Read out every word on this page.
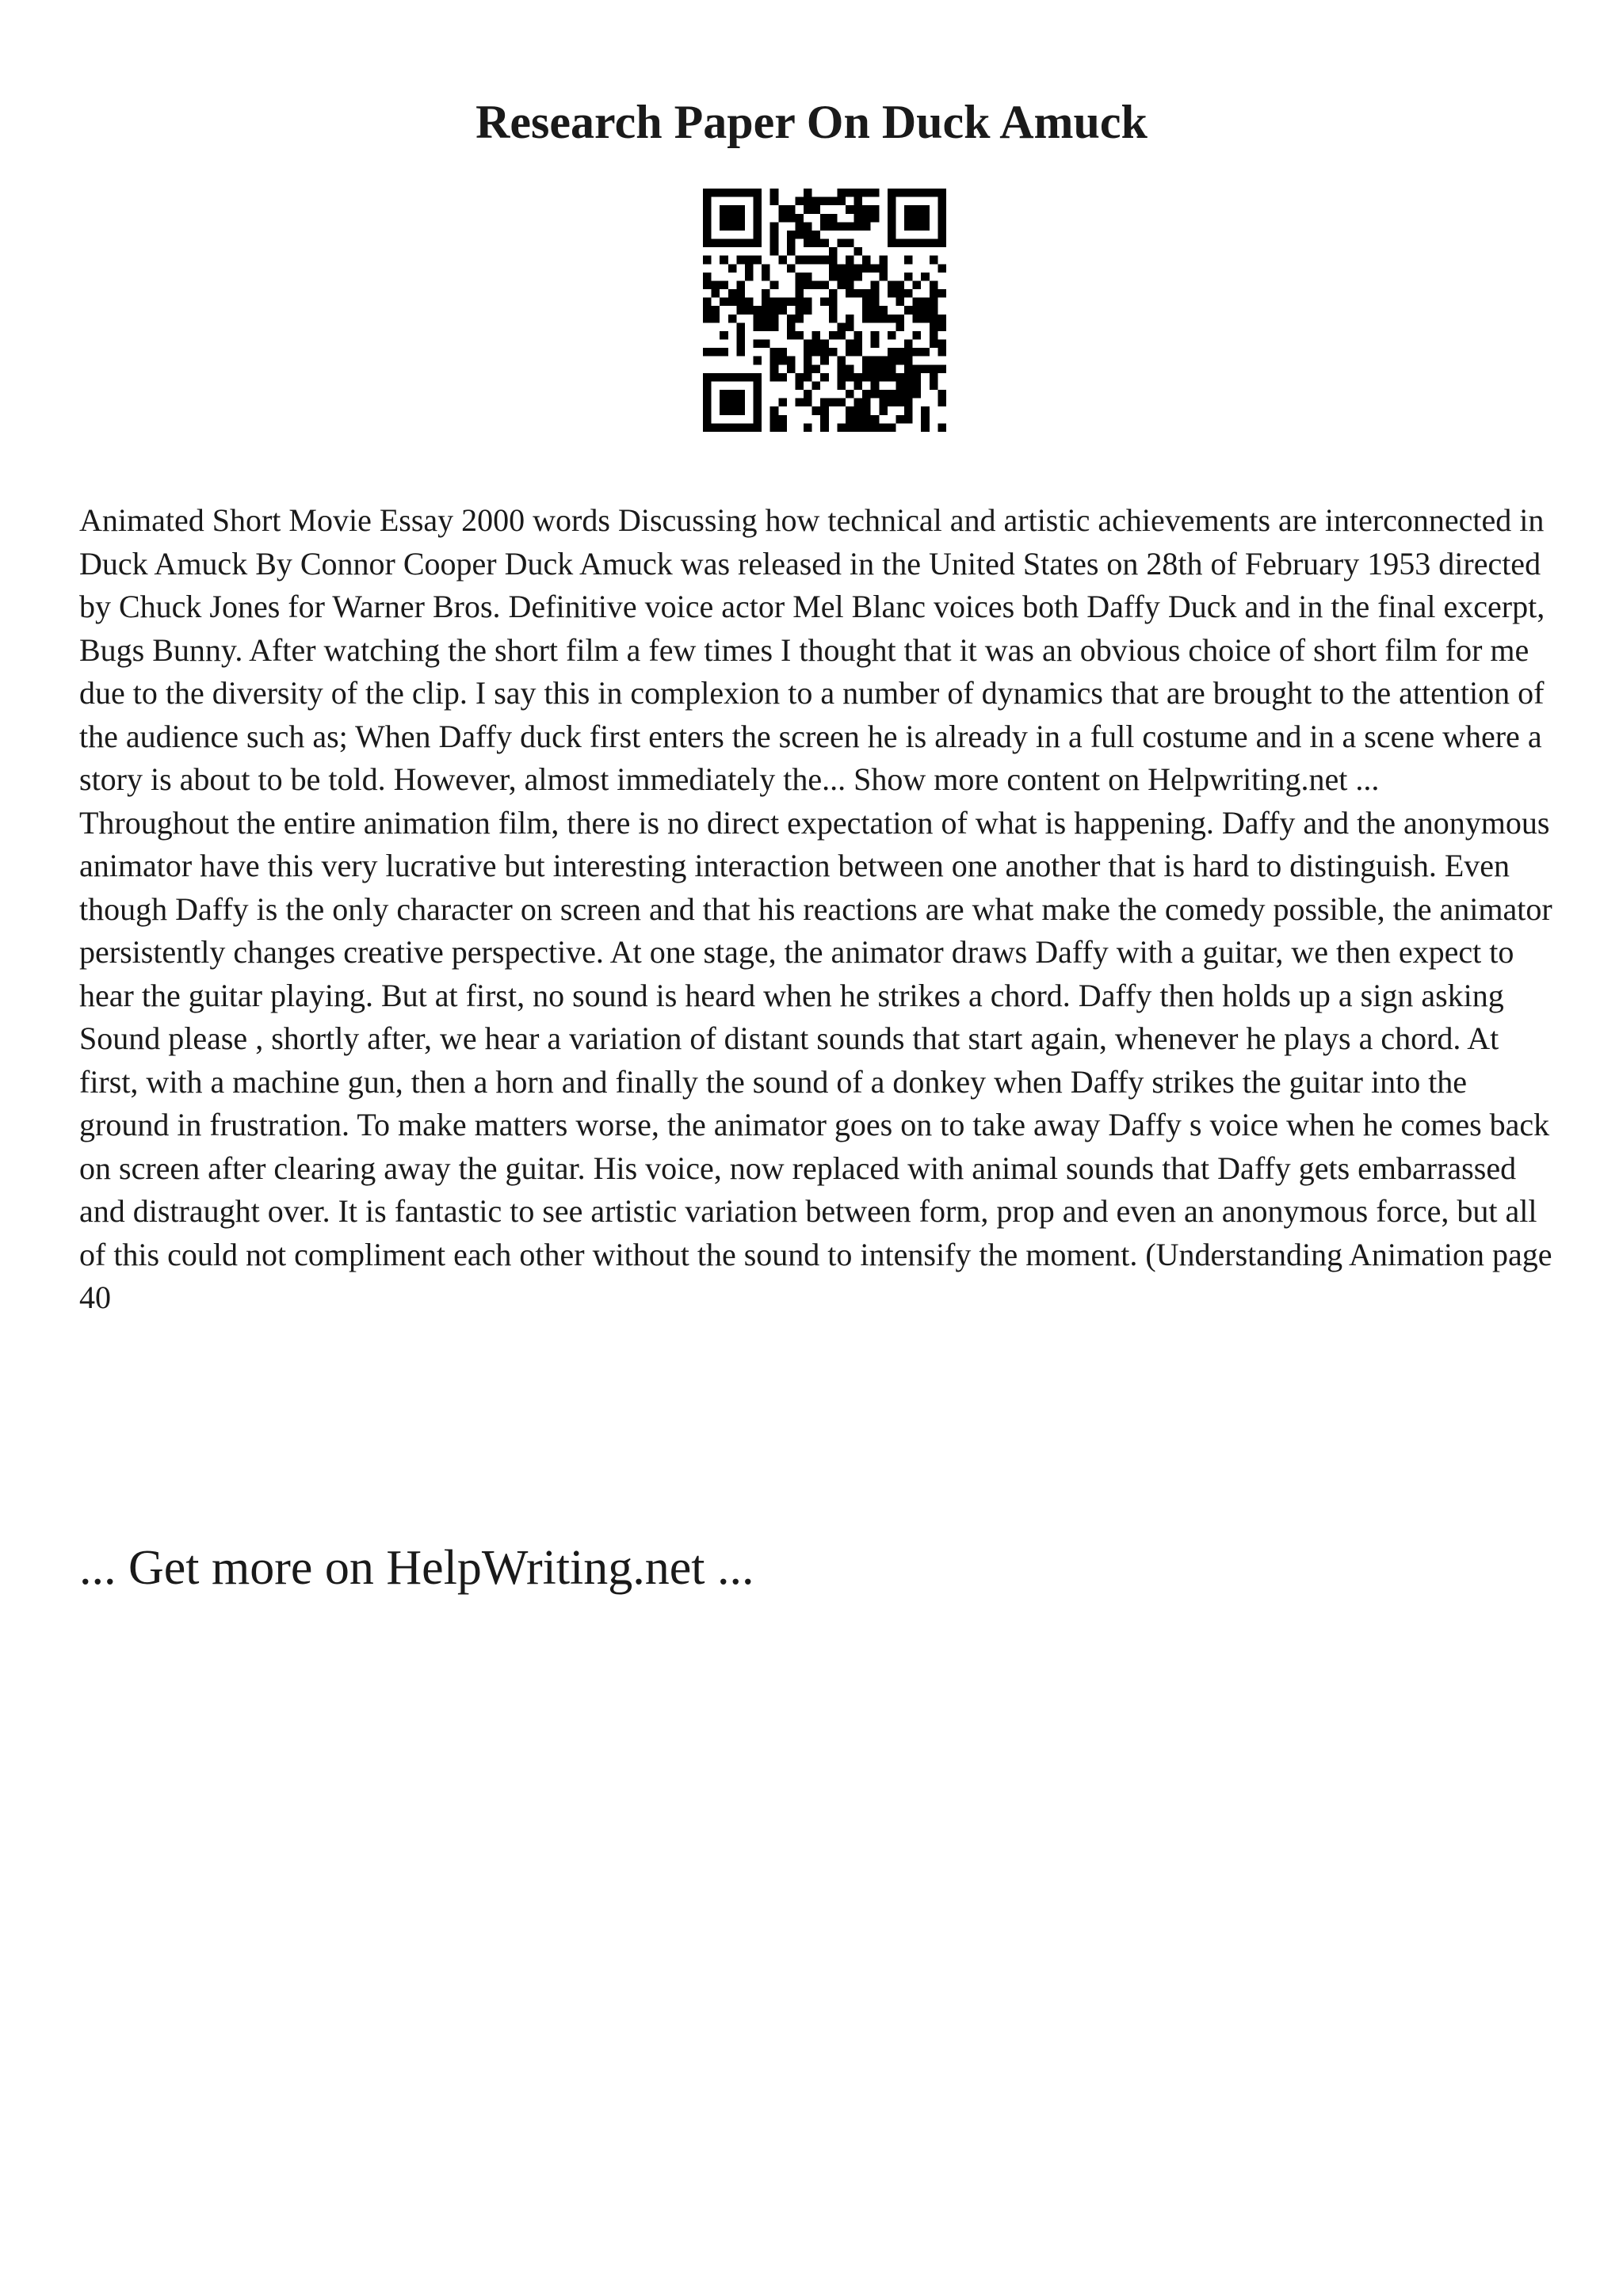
Research Paper On Duck Amuck

Animated Short Movie Essay 2000 words Discussing how technical and artistic achievements are interconnected in Duck Amuck By Connor Cooper Duck Amuck was released in the United States on 28th of February 1953 directed by Chuck Jones for Warner Bros. Definitive voice actor Mel Blanc voices both Daffy Duck and in the final excerpt, Bugs Bunny. After watching the short film a few times I thought that it was an obvious choice of short film for me due to the diversity of the clip. I say this in complexion to a number of dynamics that are brought to the attention of the audience such as; When Daffy duck first enters the screen he is already in a full costume and in a scene where a story is about to be told. However, almost immediately the... Show more content on Helpwriting.net ...

Throughout the entire animation film, there is no direct expectation of what is happening. Daffy and the anonymous animator have this very lucrative but interesting interaction between one another that is hard to distinguish. Even though Daffy is the only character on screen and that his reactions are what make the comedy possible, the animator persistently changes creative perspective. At one stage, the animator draws Daffy with a guitar, we then expect to hear the guitar playing. But at first, no sound is heard when he strikes a chord. Daffy then holds up a sign asking Sound please , shortly after, we hear a variation of distant sounds that start again, whenever he plays a chord. At first, with a machine gun, then a horn and finally the sound of a donkey when Daffy strikes the guitar into the ground in frustration. To make matters worse, the animator goes on to take away Daffy s voice when he comes back on screen after clearing away the guitar. His voice, now replaced with animal sounds that Daffy gets embarrassed and distraught over. It is fantastic to see artistic variation between form, prop and even an anonymous force, but all of this could not compliment each other without the sound to intensify the moment. (Understanding Animation page 40

... Get more on HelpWriting.net ...
